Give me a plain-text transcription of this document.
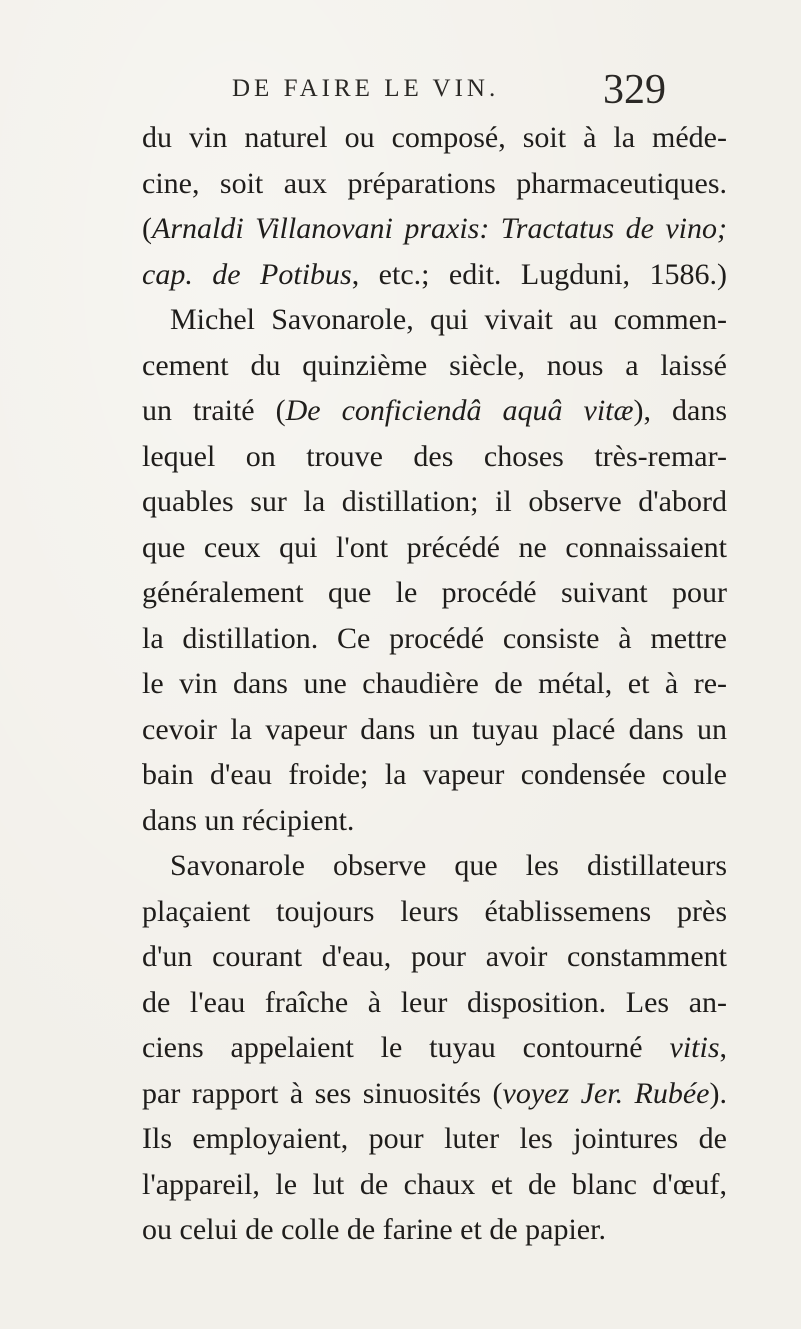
DE FAIRE LE VIN.	329
du vin naturel ou composé, soit à la méde-
cine, soit aux préparations pharmaceutiques.
(Arnaldi Villanovani praxis: Tractatus de vino;
cap. de Potibus, etc.; edit. Lugduni, 1586.)
Michel Savonarole, qui vivait au commen-
cement du quinzième siècle, nous a laissé
un traité (De conficiendâ aquâ vitæ), dans
lequel on trouve des choses très-remar-
quables sur la distillation; il observe d'abord
que ceux qui l'ont précédé ne connaissaient
généralement que le procédé suivant pour
la distillation. Ce procédé consiste à mettre
le vin dans une chaudière de métal, et à re-
cevoir la vapeur dans un tuyau placé dans un
bain d'eau froide; la vapeur condensée coule
dans un récipient.
Savonarole observe que les distillateurs
plaçaient toujours leurs établissemens près
d'un courant d'eau, pour avoir constamment
de l'eau fraîche à leur disposition. Les an-
ciens appelaient le tuyau contourné vitis,
par rapport à ses sinuosités (voyez Jer. Rubée).
Ils employaient, pour luter les jointures de
l'appareil, le lut de chaux et de blanc d'œuf,
ou celui de colle de farine et de papier.
